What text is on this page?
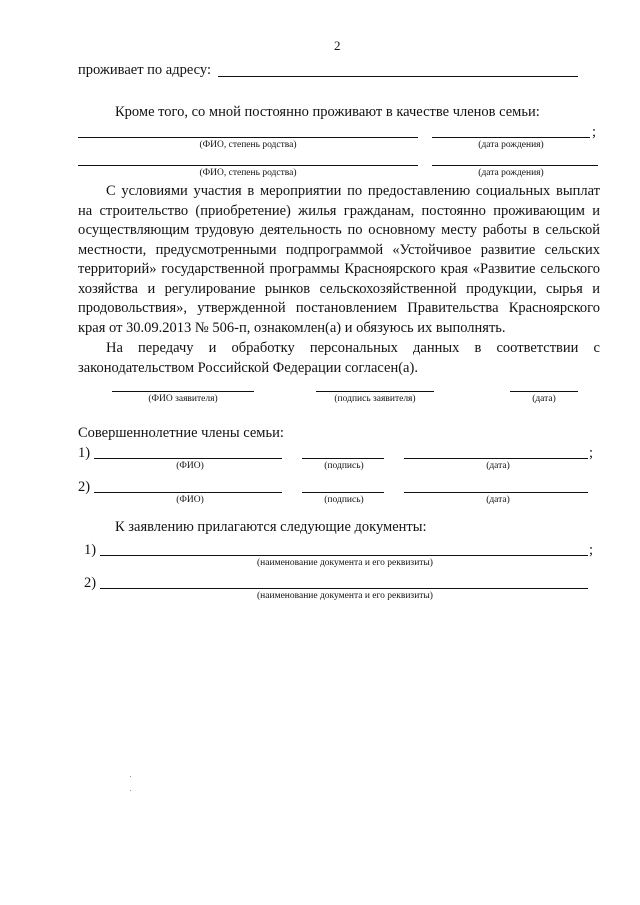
2
проживает по адресу:
Кроме того, со мной постоянно проживают в качестве членов семьи:
;
(ФИО, степень родства)	(дата рождения)
(ФИО, степень родства)	(дата рождения)
С условиями участия в мероприятии по предоставлению социальных выплат на строительство (приобретение) жилья гражданам, постоянно проживающим и осуществляющим трудовую деятельность по основному месту работы в сельской местности, предусмотренными подпрограммой «Устойчивое развитие сельских территорий» государственной программы Красноярского края «Развитие сельского хозяйства и регулирование рынков сельскохозяйственной продукции, сырья и продовольствия», утвержденной постановлением Правительства Красноярского края от 30.09.2013 № 506-п, ознакомлен(а) и обязуюсь их выполнять.
На передачу и обработку персональных данных в соответствии с законодательством Российской Федерации согласен(а).
(ФИО заявителя)	(подпись заявителя)	(дата)
Совершеннолетние члены семьи:
1)	;
(ФИО)	(подпись)	(дата)
2)
(ФИО)	(подпись)	(дата)
К заявлению прилагаются следующие документы:
1)	;
(наименование документа и его реквизиты)
2)
(наименование документа и его реквизиты)
